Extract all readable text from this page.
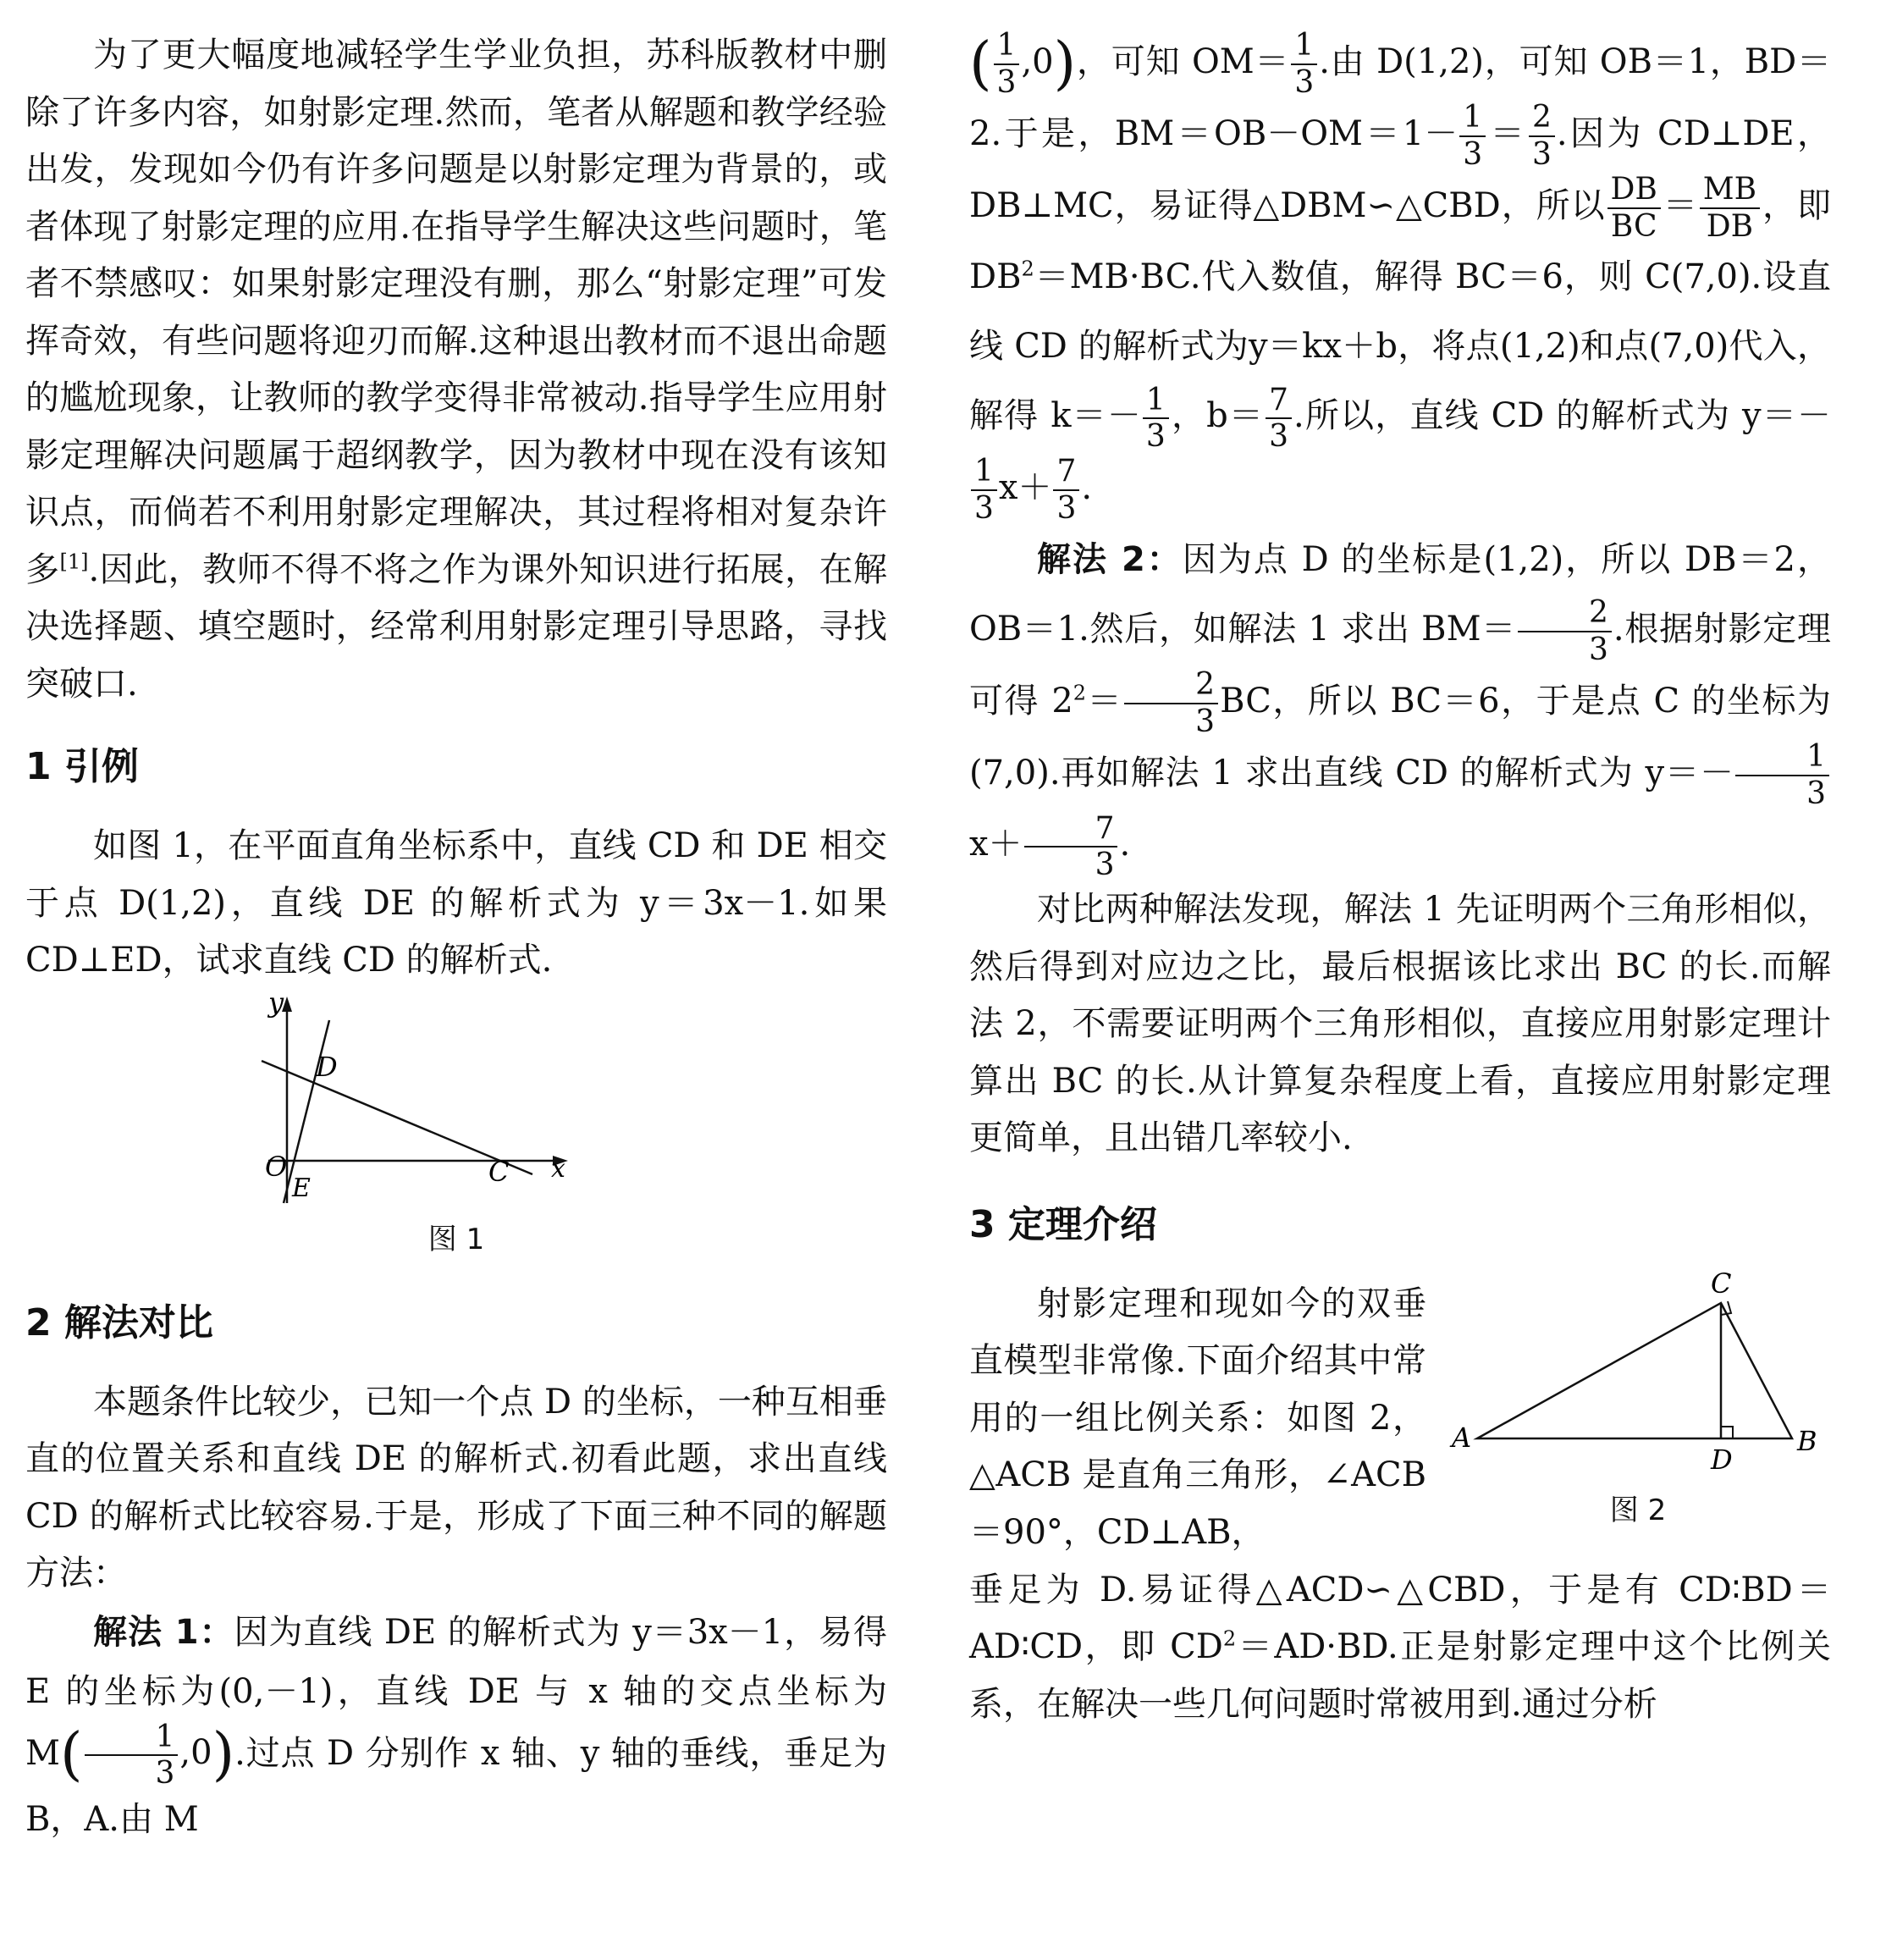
为了更大幅度地减轻学生学业负担，苏科版教材中删除了许多内容，如射影定理.然而，笔者从解题和教学经验出发，发现如今仍有许多问题是以射影定理为背景的，或者体现了射影定理的应用.在指导学生解决这些问题时，笔者不禁感叹：如果射影定理没有删，那么“射影定理”可发挥奇效，有些问题将迎刃而解.这种退出教材而不退出命题的尴尬现象，让教师的教学变得非常被动.指导学生应用射影定理解决问题属于超纲教学，因为教材中现在没有该知识点，而倘若不利用射影定理解决，其过程将相对复杂许多[1].因此，教师不得不将之作为课外知识进行拓展，在解决选择题、填空题时，经常利用射影定理引导思路，寻找突破口.

1 引例

如图 1，在平面直角坐标系中，直线 CD 和 DE 相交于点 D(1,2)，直线 DE 的解析式为 y＝3x－1.如果 CD⊥ED，试求直线 CD 的解析式.

y
x
O
E
D
C
图 1
2 解法对比

本题条件比较少，已知一个点 D 的坐标，一种互相垂直的位置关系和直线 DE 的解析式.初看此题，求出直线 CD 的解析式比较容易.于是，形成了下面三种不同的解题方法：

解法 1：因为直线 DE 的解析式为 y＝3x－1，易得 E 的坐标为(0,－1)，直线 DE 与 x 轴的交点坐标为 $M( \frac{1}{3} ,0)$.过点 D 分别作 x 轴、y 轴的垂线，垂足为 B，A.由 M

( $\frac{1}{3} ,0$)，可知 $OM= \frac{1}{3}$ .由 D(1,2)，可知 OB＝1，BD＝2.于是，$BM=OB-OM=1- \frac{1}{3} = \frac{2}{3}$ .因为 CD⊥DE，DB⊥MC，易证得△DBM∽△CBD，所以 $\frac{DB}{BC} = \frac{MB}{DB}$ ，即 $DB^2=MB\cdot BC$.代入数值，解得 BC＝6，则 C(7,0).设直线 CD 的解析式为y＝kx＋b，将点(1,2)和点(7,0)代入，解得 $k=- \frac{1}{3}$ ，$b= \frac{7}{3}$ .所以，直线 CD 的解析式为 y＝－
$\frac{1}{3} x+ \frac{7}{3}$ .

解法 2：因为点 D 的坐标是(1,2)，所以 DB＝2，OB＝1.然后，如解法 1 求出 $BM= \frac{2}{3}$ .根据射影定理可得 $2^2= \frac{2}{3}$ BC，所以 BC＝6，于是点 C 的坐标为(7,0).再如解法 1 求出直线 CD 的解析式为 $y=- \frac{1}{3}$
$x+ \frac{7}{3}$ .

对比两种解法发现，解法 1 先证明两个三角形相似，然后得到对应边之比，最后根据该比求出 BC 的长.而解法 2，不需要证明两个三角形相似，直接应用射影定理计算出 BC 的长.从计算复杂程度上看，直接应用射影定理更简单，且出错几率较小.

3 定理介绍

射影定理和现如今的双垂直模型非常像.下面介绍其中常用的一组比例关系：如图 2，△ACB 是直角三角形，∠ACB＝90°，CD⊥AB，

A	B
C
D
图 2

垂足为 D.易证得△ACD∽△CBD，于是有 CD∶BD＝AD∶CD，即 $CD^2=AD\cdot BD$.正是射影定理中这个比例关系，在解决一些几何问题时常被用到.通过分析
